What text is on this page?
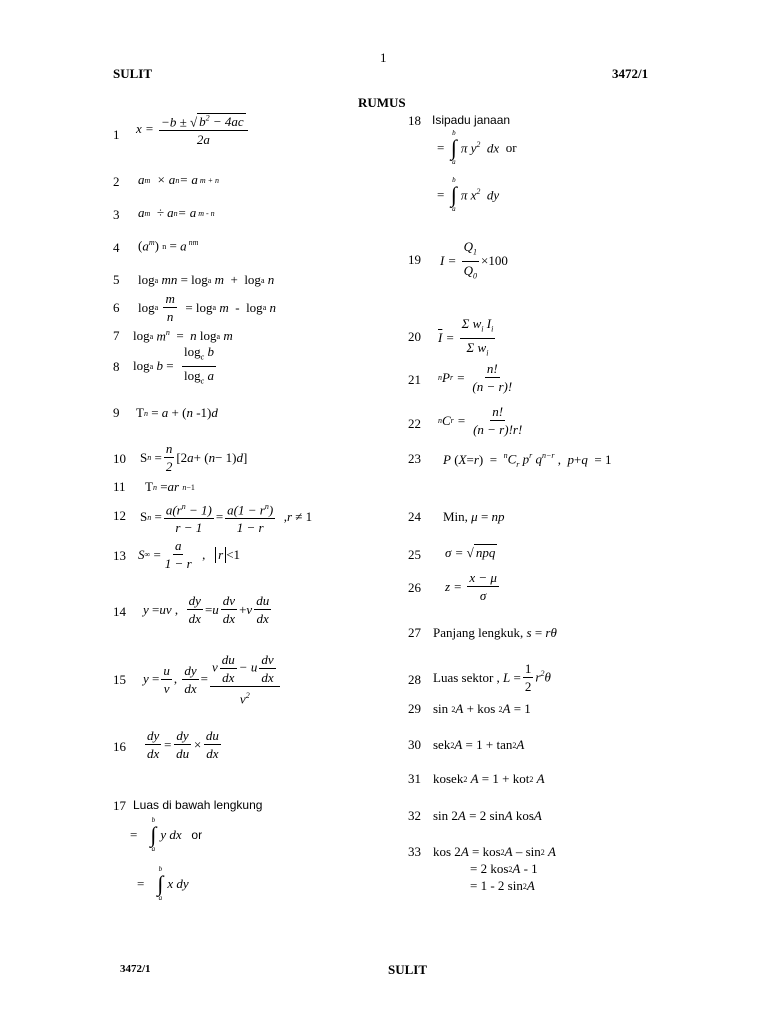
1
SULIT	3472/1
RUMUS
1 $x = \frac{-b \pm √ b^2 - 4ac}{2a}$
2 a m × a n = a m + n
3 a m ÷ a n = a m - n
4 ( $a^m$ ) n = a $^{nm}$
5 log a
mn = log a
m +  log a
n
6 log a
$\frac{m}{n} = \log a$
m -  log a
n
7 log a
$m^n = n$ log a
m
8 log a
$b = \frac{\log_c b}{\log_c a}$
9 T n = a + ( n -1) d
10 S $n = \frac{n}{2} [2$ a + ( n − 1) d ]
11 T n = ar
n−1
12 S $n = \frac{a(r^n - 1)}{r - 1} = \frac{a(1 - r^n)}{1 - r}$ , r ≠ 1
13 S ∞ = $\frac{a}{1 - r}$ , r <1
14 y = uv , $\frac{dy}{dx} = u \frac{dv}{dx} + v \frac{du}{dx}$
15 $y = \frac{u}{v}$ , $\frac{dy}{dx} = \frac{v \frac{du}{dx} - u \frac{dv}{dx}}{v^2}$
$16 \frac{dy}{dx} = \frac{dy}{du} \times \frac{du}{dx}$
17 Luas di bawah lengkung
=
b
∫
a
y dx
or
=
b
∫
a
x dy
18 Isipadu janaan
=
b
∫
a
π $y^2$  dx
or
=
b
∫
a
π $x^2$  dy
19 $I = \frac{Q_1}{Q_0} \times 100$
20 $\overline{I} = \frac{\Sigma w_i I_i}{\Sigma w_i}$
21 n P $r = \frac{n!}{(n - r)!}$
22 n C $r = \frac{n!}{(n - r)!r!}$
23 P ( X = r )  = $^nC_r$ $p^r$ $q^{n-r}$ , p + q = 1
24 Min,
μ = np
25 σ = √ npq
26 $z = \frac{x - \mu}{\sigma}$
27 Panjang lengkuk,
s = rθ
28 Luas sektor ,
$L = \frac{1}{2} r^2\theta$
29 sin 2 A + kos 2 A = 1
30 sek 2 A = 1 + tan 2 A
31 kosek 2
A = 1 + kot 2
A
32 sin 2 A = 2 sin A kos A
33 kos 2 A = kos 2 A – sin 2
A
= 2 kos 2 A - 1
= 1 - 2 sin 2 A
3472/1	SULIT
